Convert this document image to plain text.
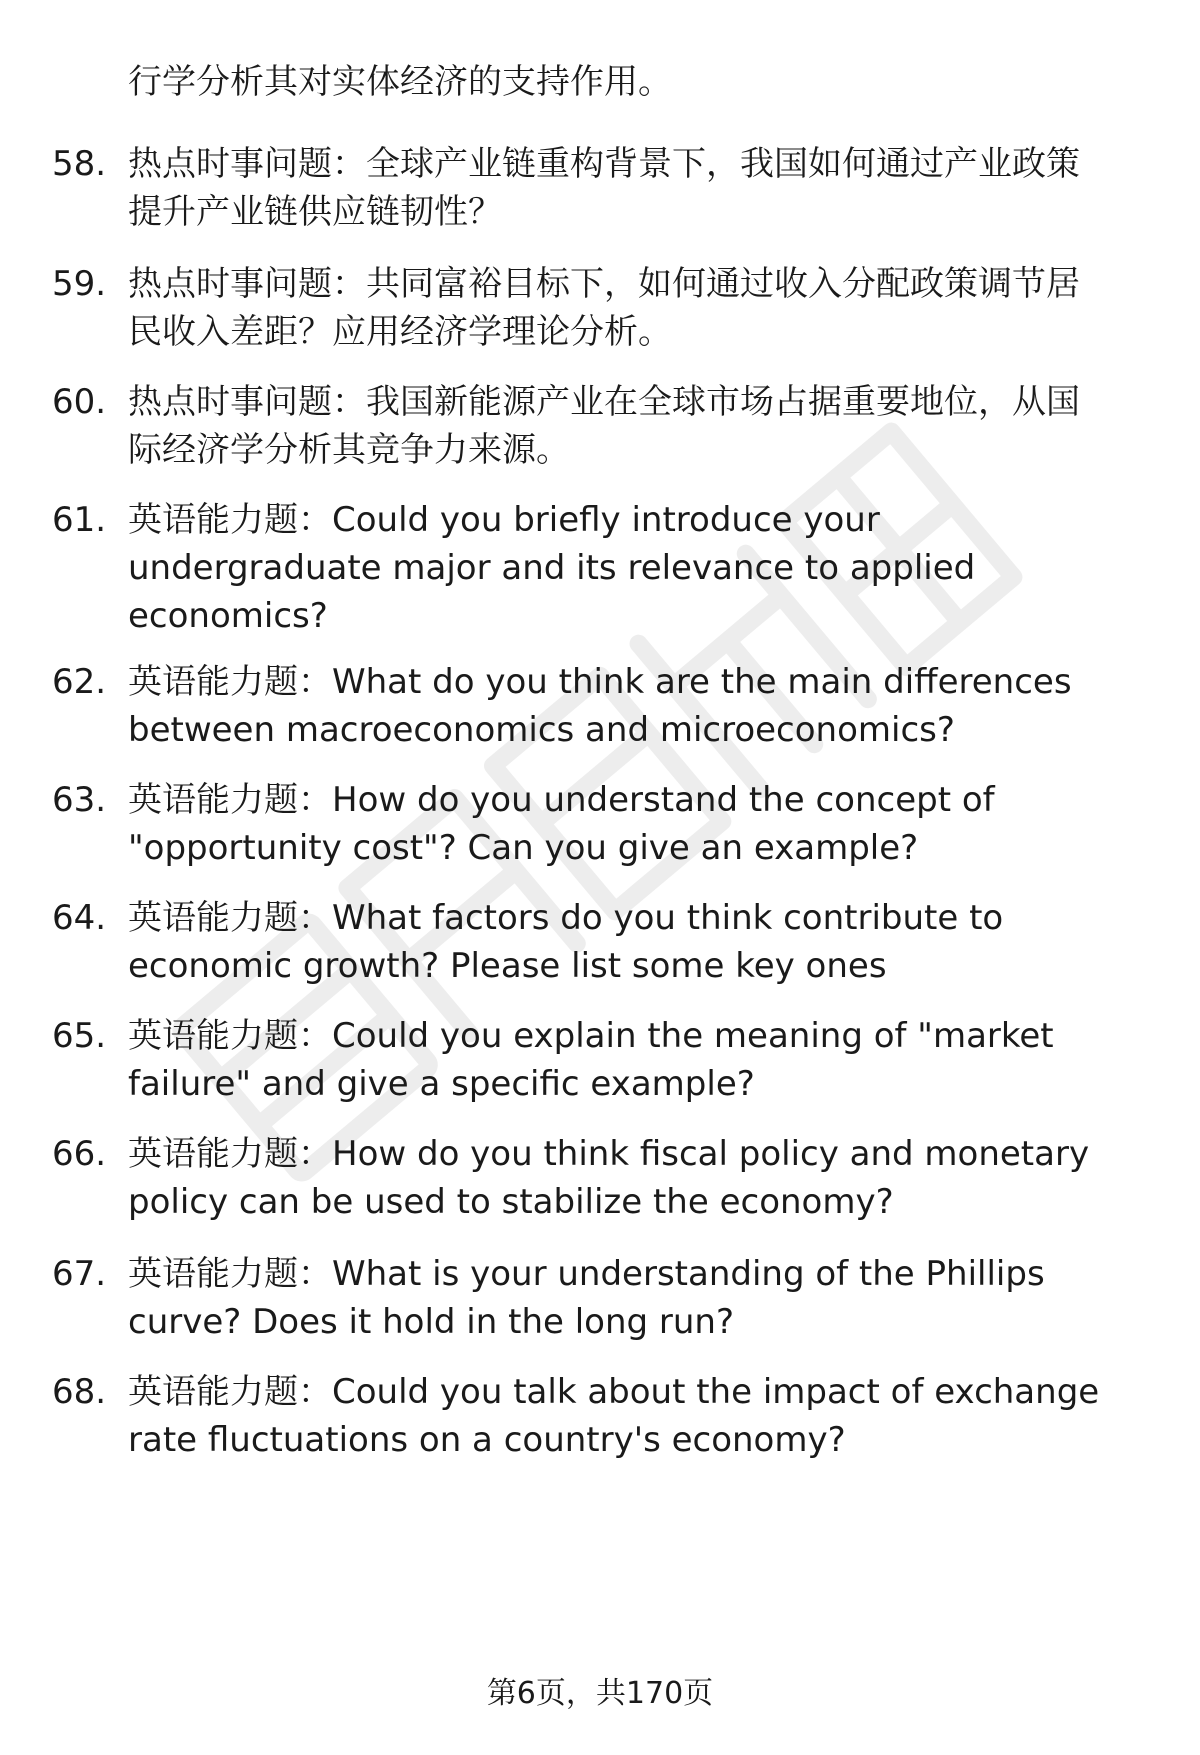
行学分析其对实体经济的支持作用。
58. 热点时事问题：全球产业链重构背景下，我国如何通过产业政策
提升产业链供应链韧性？
59. 热点时事问题：共同富裕目标下，如何通过收入分配政策调节居
民收入差距？应用经济学理论分析。
60. 热点时事问题：我国新能源产业在全球市场占据重要地位，从国
际经济学分析其竞争力来源。
61. 英语能力题：Could you briefly introduce your
undergraduate major and its relevance to applied
economics?
62. 英语能力题：What do you think are the main differences
between macroeconomics and microeconomics?
63. 英语能力题：How do you understand the concept of
"opportunity cost"? Can you give an example?
64. 英语能力题：What factors do you think contribute to
economic growth? Please list some key ones
65. 英语能力题：Could you explain the meaning of "market
failure" and give a specific example?
66. 英语能力题：How do you think fiscal policy and monetary
policy can be used to stabilize the economy?
67. 英语能力题：What is your understanding of the Phillips
curve? Does it hold in the long run?
68. 英语能力题：Could you talk about the impact of exchange
rate fluctuations on a country's economy?
第6页，共170页
